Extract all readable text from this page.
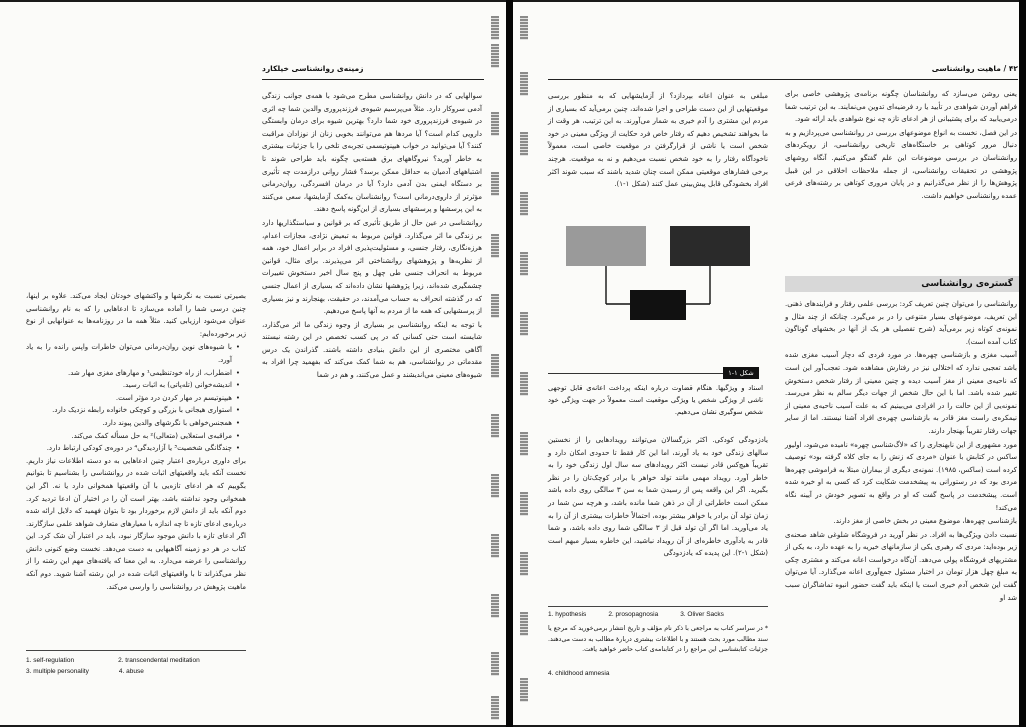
زمینه‌ی روانشناسی خیلکارد

سوالهایی که در دانش روانشناسی مطرح می‌شود با همه‌ی جوانب زندگی آدمی سروکار دارد. مثلاً می‌پرسیم شیوه‌ی فرزندپروری والدین شما چه اثری در شیوه‌ی فرزندپروری خود شما دارد؟ بهترین شیوه برای درمان وابستگی دارویی کدام است؟ آیا مردها هم می‌توانند بخوبی زنان از نوزادان مراقبت کنند؟ آیا می‌توانید در خواب هیپنوتیسمی تجربه‌ی تلخی را با جزئیات بیشتری به خاطر آورید؟ نیروگاههای برق هسته‌یی چگونه باید طراحی شوند تا اشتباههای آدمیان به حداقل ممکن برسد؟ فشار روانی درازمدت چه تأثیری بر دستگاه ایمنی بدن آدمی دارد؟ آیا در درمان افسردگی، روان‌درمانی مؤثرتر از داروی‌درمانی است؟ روانشناسان به‌کمک آزمایشها، سعی می‌کنند به این پرسشها و پرسشهای بسیاری از این‌گونه پاسخ دهند.

روانشناسی در عین حال از طریق تأثیری که بر قوانین و سیاستگذاریها دارد بر زندگی ما اثر می‌گذارد. قوانین مربوط به تبعیض نژادی، مجازات اعدام، هرزه‌نگاری، رفتار جنسی، و مسئولیت‌پذیری افراد در برابر اعمال خود، همه از نظریه‌ها و پژوهشهای روانشناختی اثر می‌پذیرند. برای مثال، قوانین مربوط به انحراف جنسی طی چهل و پنج سال اخیر دستخوش تغییرات چشمگیری شده‌اند، زیرا پژوهشها نشان داده‌اند که بسیاری از اعمال جنسی که در گذشته انحراف به حساب می‌آمدند، در حقیقت، بهنجارند و نیز بسیاری از پرسشهایی که همه ما از مردم به‌ آنها پاسخ می‌دهیم.

با توجه به اینکه روانشناسی بر بسیاری از وجوه زندگی ما اثر می‌گذارد، شایسته است حتی کسانی که در پی کسب تخصص در این رشته نیستند آگاهی مختصری از این دانش بنیادی داشته باشند. گذراندن یک درس مقدماتی در روانشناسی، هم به شما کمک می‌کند که بفهمید چرا افراد به شیوه‌های معینی می‌اندیشند و عمل می‌کنند، و هم در شما

بصیرتی نسبت به نگرشها و واکنشهای خودتان ایجاد می‌کند. علاوه بر اینها، چنین درسی شما را آماده می‌سازد تا ادعاهایی را که به نام روانشناسی عنوان می‌شود ارزیابی کنید. مثلاً همه ما در روزنامه‌ها به عنوانهایی از نوع زیر برخورده‌ایم:

• با شیوه‌های نوین روان‌درمانی می‌توان خاطرات واپس رانده را به یاد آورد.
• اضطراب، از راه خودتنظیمی¹ و مهارهای مغزی مهار شد.
• اندیشه‌خوانی (تله‌پاتی) به اثبات رسید.
• هیپنوتیسم در مهار کردن درد مؤثر است.
• استواری هیجانی با بزرگی و کوچکی خانواده رابطه نزدیک دارد.
• همجنس‌خواهی با نگرشهای والدین پیوند دارد.
• مراقبه‌ی استعلایی (متعالی)² به حل مسأله کمک می‌کند.
• چندگانگی شخصیت³ یا آزاردیدگی⁴ در دوره‌ی کودکی ارتباط دارد.

برای داوری درباره‌ی اعتبار چنین ادعاهایی به دو دسته اطلاعات نیاز داریم. نخست آنکه باید واقعیتهای اثبات شده در روانشناسی را بشناسیم تا بتوانیم بگوییم که هر ادعای تازه‌یی با آن واقعیتها همخوانی دارد یا نه. اگر این همخوانی وجود نداشته باشد، بهتر است آن را در اختیار آن ادعا تردید کرد. دوم آنکه باید از دانش لازم برخوردار بود تا بتوان فهمید که دلایل ارائه شده درباره‌ی ادعای تازه تا چه اندازه با معیارهای متعارف شواهد علمی سازگارند. اگر ادعای تازه با دانش موجود سازگار نبود، باید در اعتبار آن شک کرد. این کتاب در هر دو زمینه آگاهیهایی به دست می‌دهد. نخست وضع کنونی دانش روانشناسی را عرضه می‌دارد. به این معنا که یافته‌های مهم این رشته را از نظر می‌گذراند تا با واقعیتهای اثبات شده در این رشته آشنا شوید. دوم آنکه ماهیت پژوهش در روانشناسی را وارسی می‌کند.

1. self-regulation	2. transcendental meditation
3. multiple personality	4. abuse
۴۲ / ماهیت روانشناسی

یعنی روشن می‌سازد که روانشناسان چگونه برنامه‌ی پژوهشی خاصی برای فراهم آوردن شواهدی در تأیید یا رد فرضیه‌ای تدوین می‌نمایند. به این ترتیب شما درمی‌یابید که برای پشتیبانی از هر ادعای تازه چه نوع شواهدی باید ارائه شود.

در این فصل، نخست به انواع موضوعهای بررسی در روانشناسی می‌پردازیم و به دنبال مرور کوتاهی بر خاستگاه‌های تاریخی روانشناسی، از رویکردهای روانشناسان در بررسی موضوعات این علم گفتگو می‌کنیم. آنگاه روشهای پژوهشی در تحقیقات روانشناسی، از جمله ملاحظات اخلاقی در این قبیل پژوهش‌ها را از نظر می‌گذرانیم و در پایان مروری کوتاهی بر رشته‌های فرعی عمده روانشناسی خواهیم داشت.

گستره‌ی روانشناسی

روانشناسی را می‌توان چنین تعریف کرد: بررسی علمی رفتار و فرایندهای ذهنی. این تعریف، موضوعهای بسیار متنوعی را در بر می‌گیرد. چنانکه از چند مثال و نمونه‌ی کوتاه زیر برمی‌آید (شرح تفصیلی هر یک از آنها در بخشهای گوناگون کتاب آمده است).

آسیب مغزی و بازشناسی چهره‌ها. در مورد فردی که دچار آسیب مغزی شده باشد تعجبی ندارد که اختلالی نیز در رفتارش مشاهده شود. تعجب‌آور این است که ناحیه‌ی معینی از مغز آسیب دیده و چنین معینی از رفتار شخص دستخوش تغییر شده باشد. اما با این حال شخص از جهات دیگر سالم به نظر می‌رسد. نمونه‌یی از این حالت را در افرادی می‌بینیم که به علت آسیب ناحیه‌ی معینی از نیمکره‌ی راست مغز قادر به بازشناسی چهره‌ی افراد آشنا نیستند. اما از سایر جهات رفتار تقریباً بهنجار دارند.

مورد مشهوری از این نابهنجاری را که «لاگ‌شناسی چهره» نامیده می‌شود، اولیور ساکس در کتابش با عنوان «مردی که زنش را به جای کلاه گرفته بود» توصیف کرده است (ساکس، ۱۹۸۵). نمونه‌ی دیگری از بیماران مبتلا به فراموشی چهره‌ها مردی بود که در رستورانی به پیشخدمت شکایت کرد که کسی به او خیره شده است. پیشخدمت در پاسخ گفت که او در واقع به تصویر خودش در آیینه نگاه می‌کند!

بازشناسی چهره‌ها، موضوع معینی در بخش خاصی از مغز دارند.

نسبت دادن ویژگی‌ها به افراد. در نظر آورید در فروشگاه شلوغی شاهد صحنه‌ی زیر بوده‌اید: مردی که رهبری یکی از سازمانهای خیریه را به عهده دارد، به یکی از مشتریهای فروشگاه پولی می‌دهد. آن‌گاه درخواست اعانه می‌کند و مشتری چکی به مبلغ چهل هزار تومان در اختیار مسئول جمع‌آوری اعانه می‌گذارد. آیا می‌توان گفت این شخص آدم خیری است یا اینکه باید گفت حضور انبوه تماشاگران سبب شد او

مبلغی به عنوان اعانه بپردازد؟ از آزمایشهایی که به منظور بررسی موقعیتهایی از این دست طراحی و اجرا شده‌اند، چنین برمی‌آید که بسیاری از مردم این مشتری را آدم خیری به شمار می‌آورند. به این ترتیب، هر وقت از ما بخواهند تشخیص دهیم که رفتار خاص فرد حکایت از ویژگی معینی در خود شخص است یا ناشی از قرارگرفتن در موقعیت خاصی است، معمولاً ناخودآگاه رفتار را به خود شخص نسبت می‌دهیم و نه به موقعیت. هرچند برخی فشارهای موقعیتی ممکن است چنان شدید باشند که سبب شوند اکثر افراد بخشودگی قابل پیش‌بینی عمل کنند (شکل ۱-۱).

شکل ۱-۱
اسناد و ویژگیها. هنگام قضاوت درباره اینکه پرداخت اعانه‌ی قابل توجهی ناشی از ویژگی شخص یا ویژگی موقعیت است معمولاً در جهت ویژگی خود شخص سوگیری نشان می‌دهیم.

یادزدودگی کودکی. اکثر بزرگسالان می‌توانند رویدادهایی را از نخستین سالهای زندگی خود به یاد آورند، اما این کار فقط تا حدودی امکان دارد و تقریباً هیچ‌کس قادر نیست اکثر رویدادهای سه سال اول زندگی خود را به خاطر آورد. رویداد مهمی مانند تولد خواهر یا برادر کوچک‌تان را در نظر بگیرید. اگر این واقعه پس از رسیدن شما به سن ۳ سالگی روی داده باشد ممکن است خاطراتی از آن در ذهن شما مانده باشد، و هرچه سن شما در زمان تولد آن برادر یا خواهر بیشتر بوده، احتمالاً خاطرات بیشتری از آن را به یاد می‌آورید. اما اگر آن تولد قبل از ۳ سالگی شما روی داده باشد، و شما قادر به یادآوری خاطره‌ای از آن رویداد نباشید، این خاطره بسیار مبهم است (شکل ۱-۲). این پدیده که یادزدودگی

1. hypothesis	2. prosopagnosia	3. Oliver Sacks
* در سراسر کتاب به مراجعی با ذکر نام مؤلف و تاریخ انتشار برمی‌خورید که مرجع یا سند مطالب مورد بحث هستند و با اطلاعات بیشتری دربارهٔ مطالب به دست می‌دهند. جزئیات کتابشناسی این مراجع را در کتابنامه‌ی کتاب حاضر خواهید یافت.
4. childhood amnesia
